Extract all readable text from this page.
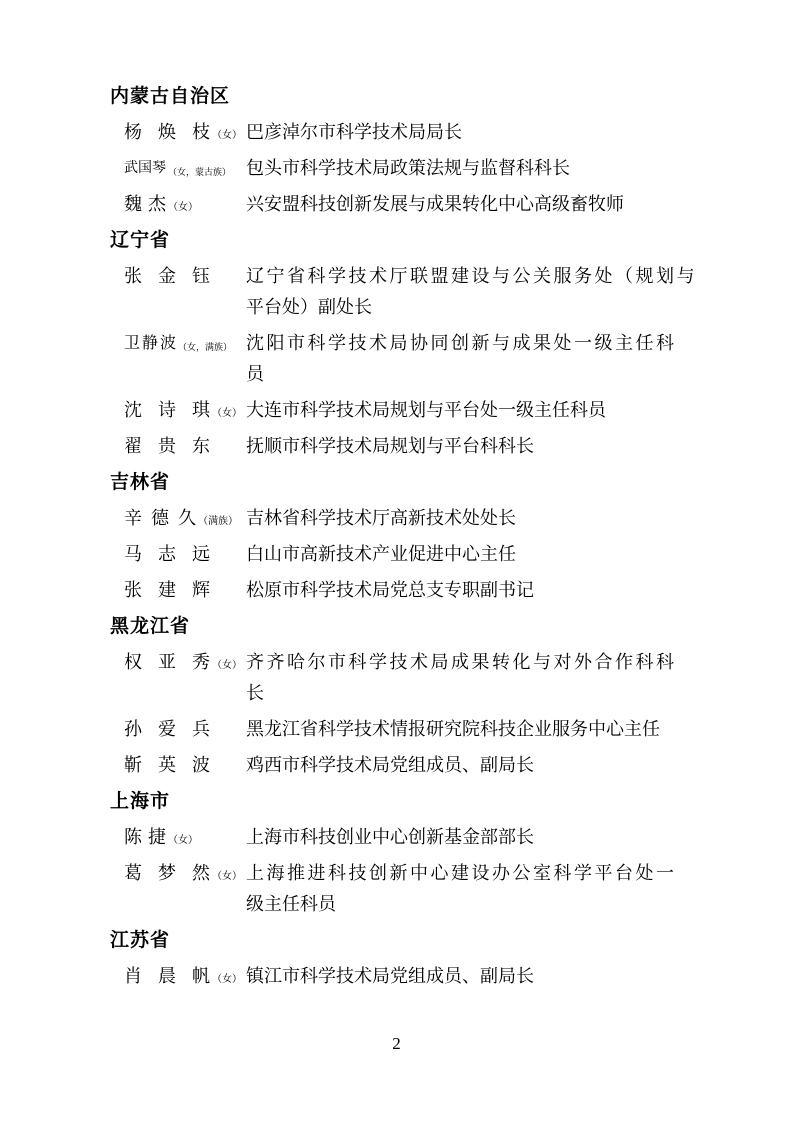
内蒙古自治区
杨焕枝 （女） 巴彦淖尔市科学技术局局长
武国琴 （女，蒙古族） 包头市科学技术局政策法规与监督科科长
魏杰 （女）	兴安盟科技创新发展与成果转化中心高级畜牧师
辽宁省
张金钰 辽宁省科学技术厅联盟建设与公关服务处（规划与
平台处）副处长
卫静波 （女，满族） 沈阳市科学技术局协同创新与成果处一级主任科
员
沈诗琪 （女） 大连市科学技术局规划与平台处一级主任科员
翟贵东 抚顺市科学技术局规划与平台科科长
吉林省
辛德久 （满族） 吉林省科学技术厅高新技术处处长
马志远 白山市高新技术产业促进中心主任
张建辉 松原市科学技术局党总支专职副书记
黑龙江省
权亚秀 （女） 齐齐哈尔市科学技术局成果转化与对外合作科科
长
孙爱兵 黑龙江省科学技术情报研究院科技企业服务中心主任
靳英波 鸡西市科学技术局党组成员、副局长
上海市
陈捷 （女）	上海市科技创业中心创新基金部部长
葛梦然 （女） 上海推进科技创新中心建设办公室科学平台处一
级主任科员
江苏省
肖晨帆 （女） 镇江市科学技术局党组成员、副局长
2
